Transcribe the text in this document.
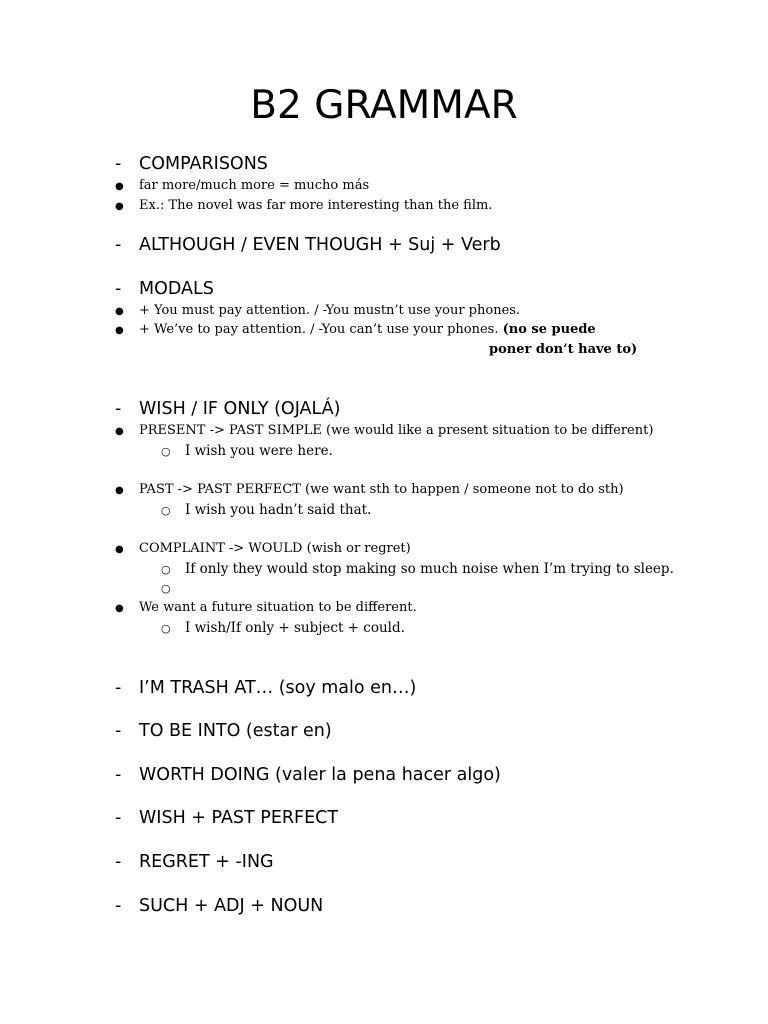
B2 GRAMMAR
- COMPARISONS
● far more/much more = mucho más
● Ex.: The novel was far more interesting than the film.
- ALTHOUGH / EVEN THOUGH + Suj + Verb
- MODALS
● + You must pay attention. / -You mustn’t use your phones.
● + We’ve to pay attention. / -You can’t use your phones. (no se puede
poner don’t have to)
- WISH / IF ONLY (OJALÁ)
● PRESENT -> PAST SIMPLE (we would like a present situation to be different)
○ I wish you were here.
● PAST -> PAST PERFECT (we want sth to happen / someone not to do sth)
○ I wish you hadn’t said that.
● COMPLAINT -> WOULD (wish or regret)
○ If only they would stop making so much noise when I’m trying to sleep.
○
● We want a future situation to be different.
○ I wish/If only + subject + could.
- I’M TRASH AT… (soy malo en…)
- TO BE INTO (estar en)
- WORTH DOING (valer la pena hacer algo)
- WISH + PAST PERFECT
- REGRET + -ING
- SUCH + ADJ + NOUN
